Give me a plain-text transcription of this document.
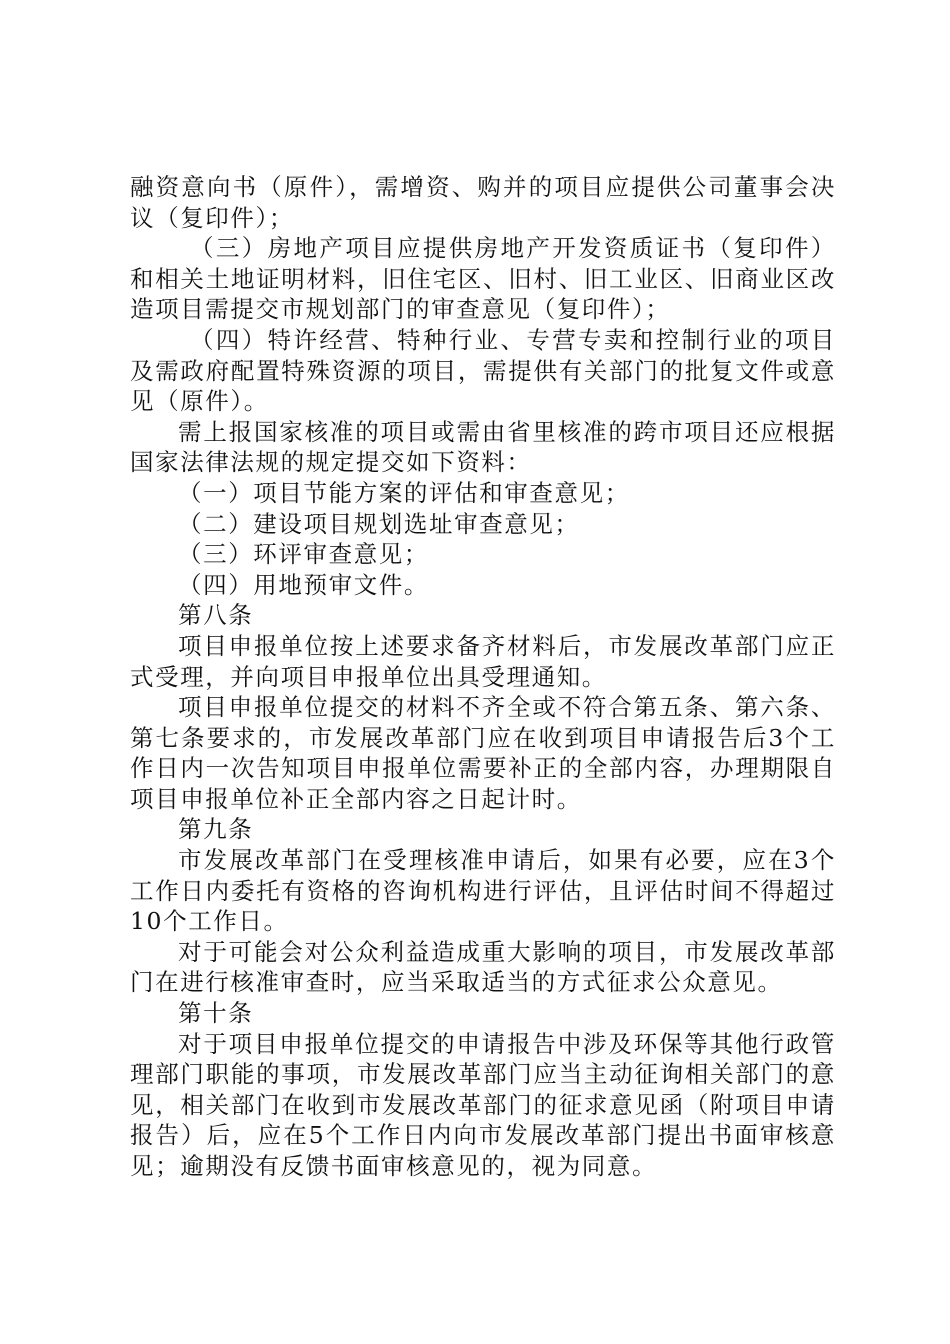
融资意向书（原件），需增资、购并的项目应提供公司董事会决议（复印件）；

（三）房地产项目应提供房地产开发资质证书（复印件）和相关土地证明材料，旧住宅区、旧村、旧工业区、旧商业区改造项目需提交市规划部门的审查意见（复印件）；

（四）特许经营、特种行业、专营专卖和控制行业的项目及需政府配置特殊资源的项目，需提供有关部门的批复文件或意见（原件）。

需上报国家核准的项目或需由省里核准的跨市项目还应根据国家法律法规的规定提交如下资料：

（一）项目节能方案的评估和审查意见；

（二）建设项目规划选址审查意见；

（三）环评审查意见；

（四）用地预审文件。

第八条

项目申报单位按上述要求备齐材料后，市发展改革部门应正式受理，并向项目申报单位出具受理通知。

项目申报单位提交的材料不齐全或不符合第五条、第六条、第七条要求的，市发展改革部门应在收到项目申请报告后3个工作日内一次告知项目申报单位需要补正的全部内容，办理期限自项目申报单位补正全部内容之日起计时。

第九条

市发展改革部门在受理核准申请后，如果有必要，应在3个工作日内委托有资格的咨询机构进行评估，且评估时间不得超过10个工作日。

对于可能会对公众利益造成重大影响的项目，市发展改革部门在进行核准审查时，应当采取适当的方式征求公众意见。

第十条

对于项目申报单位提交的申请报告中涉及环保等其他行政管理部门职能的事项，市发展改革部门应当主动征询相关部门的意见，相关部门在收到市发展改革部门的征求意见函（附项目申请报告）后，应在5个工作日内向市发展改革部门提出书面审核意见；逾期没有反馈书面审核意见的，视为同意。
